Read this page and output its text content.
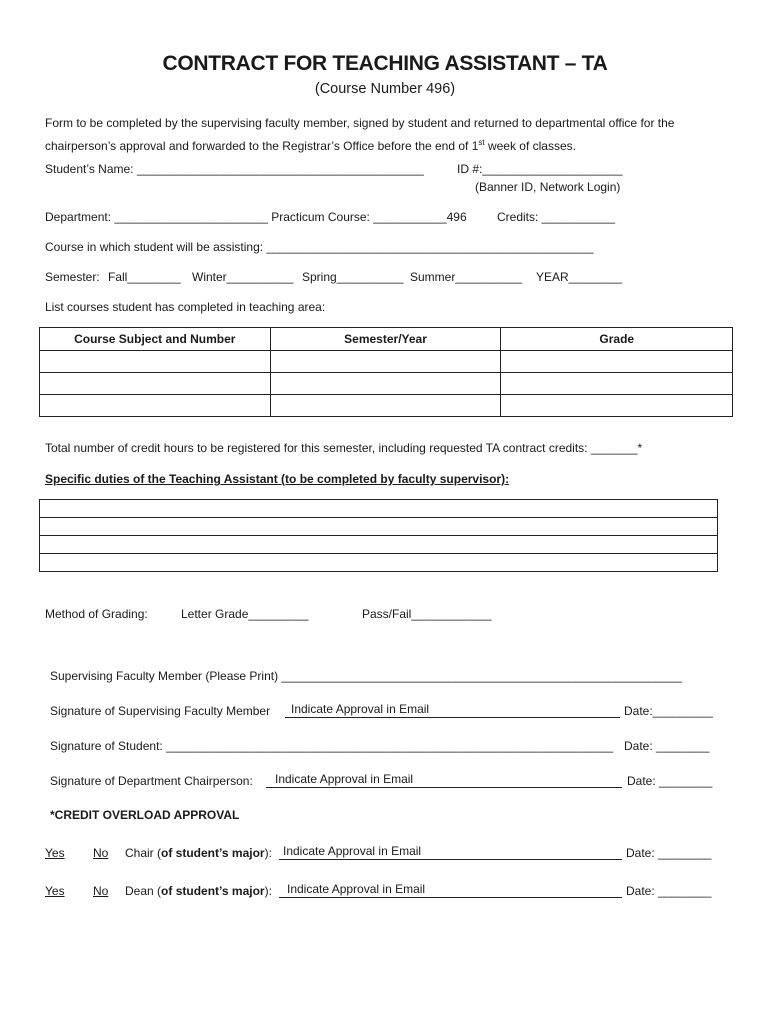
CONTRACT FOR TEACHING ASSISTANT – TA
(Course Number 496)
Form to be completed by the supervising faculty member, signed by student and returned to departmental office for the
chairperson’s approval and forwarded to the Registrar’s Office before the end of 1st week of classes.
Student’s Name: ___________________________________________	ID #:_____________________
(Banner ID, Network Login)
Department: _______________________ Practicum Course: ___________496	Credits: ___________
Course in which student will be assisting: _________________________________________________
Semester: Fall________ Winter__________ Spring__________ Summer__________ YEAR________
List courses student has completed in teaching area:
Course Subject and Number	Semester/Year	Grade

Total number of credit hours to be registered for this semester, including requested TA contract credits: _______*
Specific duties of the Teaching Assistant (to be completed by faculty supervisor):

Method of Grading:	Letter Grade_________	Pass/Fail____________
Supervising Faculty Member (Please Print) ____________________________________________________________
Signature of Supervising Faculty Member Indicate Approval in Email	Date:_________
Signature of Student: ___________________________________________________________________ Date: ________
Signature of Department Chairperson: Indicate Approval in Email	Date: ________
*CREDIT OVERLOAD APPROVAL
Yes No Chair (of student’s major): Indicate Approval in Email	Date: ________
Yes No Dean (of student’s major): Indicate Approval in Email	Date: ________
